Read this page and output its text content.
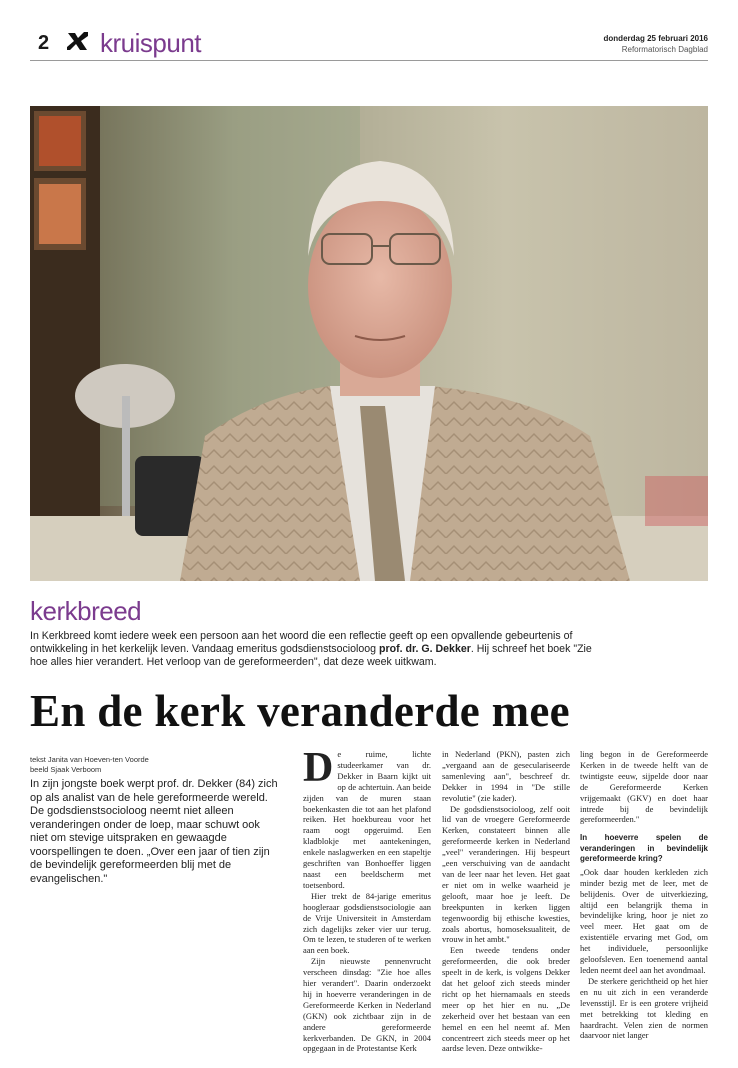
2 kruispunt	donderdag 25 februari 2016
Reformatorisch Dagblad
kerkbreed
In Kerkbreed komt iedere week een persoon aan het woord die een reflectie geeft op een opvallende gebeurtenis of ontwikkeling in het kerkelijk leven. Vandaag emeritus godsdienstsocioloog prof. dr. G. Dekker. Hij schreef het boek "Zie hoe alles hier verandert. Het verloop van de gereformeerden", dat deze week uitkwam.
En de kerk veranderde mee
tekst Janita van Hoeven-ten Voorde
beeld Sjaak Verboom
In zijn jongste boek werpt prof. dr. Dekker (84) zich op als analist van de hele gereformeerde wereld. De godsdienstsocioloog neemt niet alleen veranderingen onder de loep, maar schuwt ook niet om stevige uitspraken en gewaagde voorspellingen te doen. „Over een jaar of tien zijn de bevindelijk gereformeerden blij met de evangelischen."
D e ruime, lichte studeerkamer van dr. Dekker in Baarn kijkt uit op de achtertuin. Aan beide zijden van de muren staan boekenkasten die tot aan het plafond reiken. Het hoekbureau voor het raam oogt opgeruimd. Een kladblokje met aantekeningen, enkele naslagwerken en een stapeltje geschriften van Bonhoeffer liggen naast een beeldscherm met toetsenbord.

Hier trekt de 84-jarige emeritus hoogleraar godsdienstsociologie aan de Vrije Universiteit in Amsterdam zich dagelijks zeker vier uur terug. Om te lezen, te studeren of te werken aan een boek.

Zijn nieuwste pennenvrucht verscheen dinsdag: "Zie hoe alles hier verandert". Daarin onderzoekt hij in hoeverre veranderingen in de Gereformeerde Kerken in Nederland (GKN) ook zichtbaar zijn in de andere gereformeerde kerkverbanden. De GKN, in 2004 opgegaan in de Protestantse Kerk

in Nederland (PKN), pasten zich „vergaand aan de geseculariseerde samenleving aan", beschreef dr. Dekker in 1994 in "De stille revolutie" (zie kader).

De godsdienstsocioloog, zelf ooit lid van de vroegere Gereformeerde Kerken, constateert binnen alle gereformeerde kerken in Nederland „veel" veranderingen. Hij bespeurt „een verschuiving van de aandacht van de leer naar het leven. Het gaat er niet om in welke waarheid je gelooft, maar hoe je leeft. De breekpunten in kerken liggen tegenwoordig bij ethische kwesties, zoals abortus, homoseksualiteit, de vrouw in het ambt."

Een tweede tendens onder gereformeerden, die ook breder speelt in de kerk, is volgens Dekker dat het geloof zich steeds minder richt op het hiernamaals en steeds meer op het hier en nu. „De zekerheid over het bestaan van een hemel en een hel neemt af. Men concentreert zich steeds meer op het aardse leven. Deze ontwikke-

ling begon in de Gereformeerde Kerken in de tweede helft van de twintigste eeuw, sijpelde door naar de Gereformeerde Kerken vrijgemaakt (GKV) en doet haar intrede bij de bevindelijk gereformeerden."

In hoeverre spelen de veranderingen in bevindelijk gereformeerde kring?

„Ook daar houden kerkleden zich minder bezig met de leer, met de belijdenis. Over de uitverkiezing, altijd een belangrijk thema in bevindelijke kring, hoor je niet zo veel meer. Het gaat om de existentiële ervaring met God, om het individuele, persoonlijke geloofsleven. Een toenemend aantal leden neemt deel aan het avondmaal.

De sterkere gerichtheid op het hier en nu uit zich in een veranderde levensstijl. Er is een grotere vrijheid met betrekking tot kleding en haardracht. Velen zien de normen daarvoor niet langer
